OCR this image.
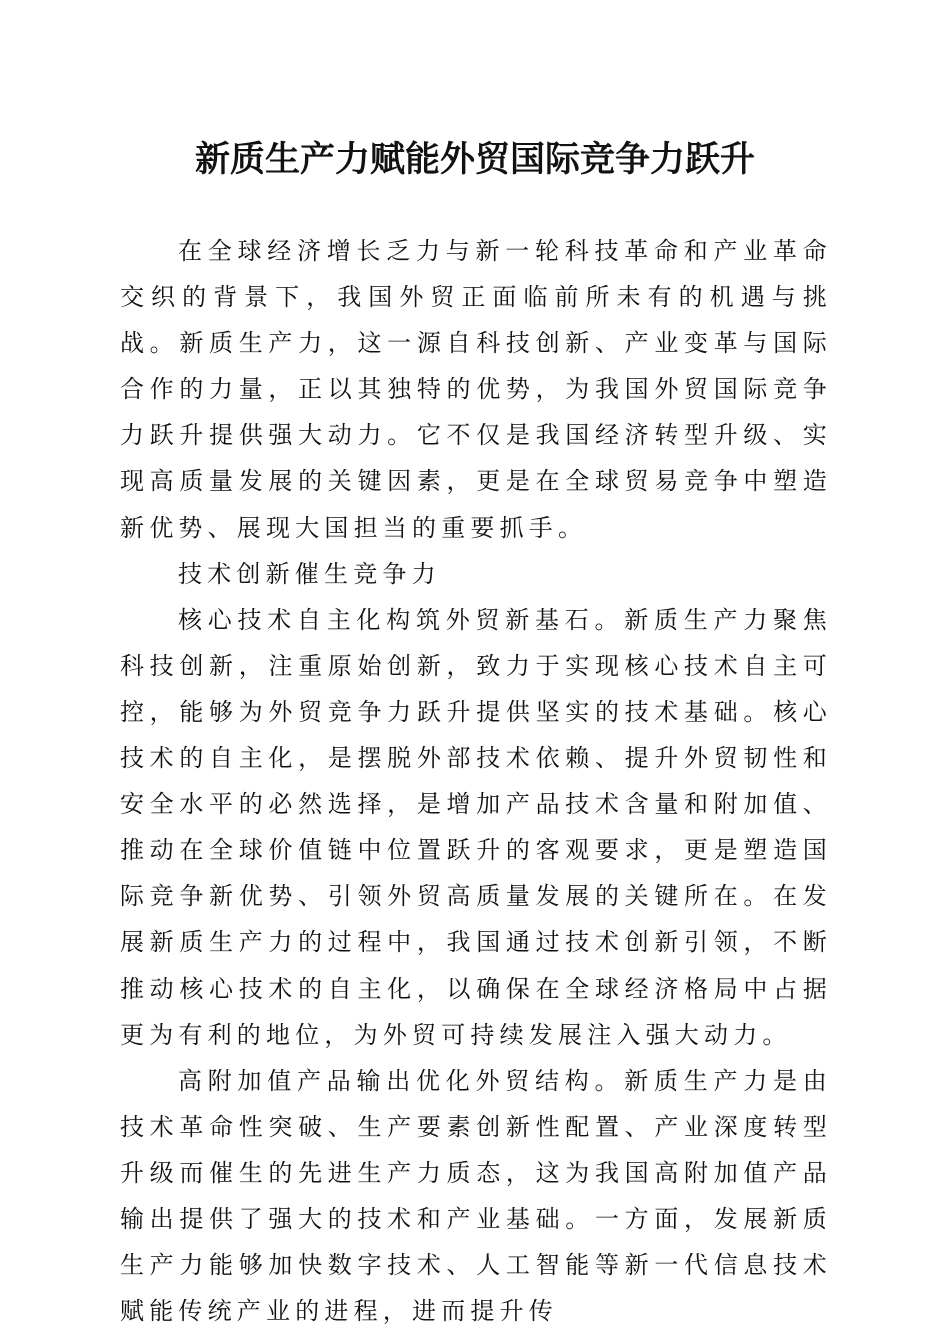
新质生产力赋能外贸国际竞争力跃升

在全球经济增长乏力与新一轮科技革命和产业革命交织的背景下，我国外贸正面临前所未有的机遇与挑战。新质生产力，这一源自科技创新、产业变革与国际合作的力量，正以其独特的优势，为我国外贸国际竞争力跃升提供强大动力。它不仅是我国经济转型升级、实现高质量发展的关键因素，更是在全球贸易竞争中塑造新优势、展现大国担当的重要抓手。

技术创新催生竞争力

核心技术自主化构筑外贸新基石。新质生产力聚焦科技创新，注重原始创新，致力于实现核心技术自主可控，能够为外贸竞争力跃升提供坚实的技术基础。核心技术的自主化，是摆脱外部技术依赖、提升外贸韧性和安全水平的必然选择，是增加产品技术含量和附加值、推动在全球价值链中位置跃升的客观要求，更是塑造国际竞争新优势、引领外贸高质量发展的关键所在。在发展新质生产力的过程中，我国通过技术创新引领，不断推动核心技术的自主化，以确保在全球经济格局中占据更为有利的地位，为外贸可持续发展注入强大动力。

高附加值产品输出优化外贸结构。新质生产力是由技术革命性突破、生产要素创新性配置、产业深度转型升级而催生的先进生产力质态，这为我国高附加值产品输出提供了强大的技术和产业基础。一方面，发展新质生产力能够加快数字技术、人工智能等新一代信息技术赋能传统产业的进程，进而提升传
